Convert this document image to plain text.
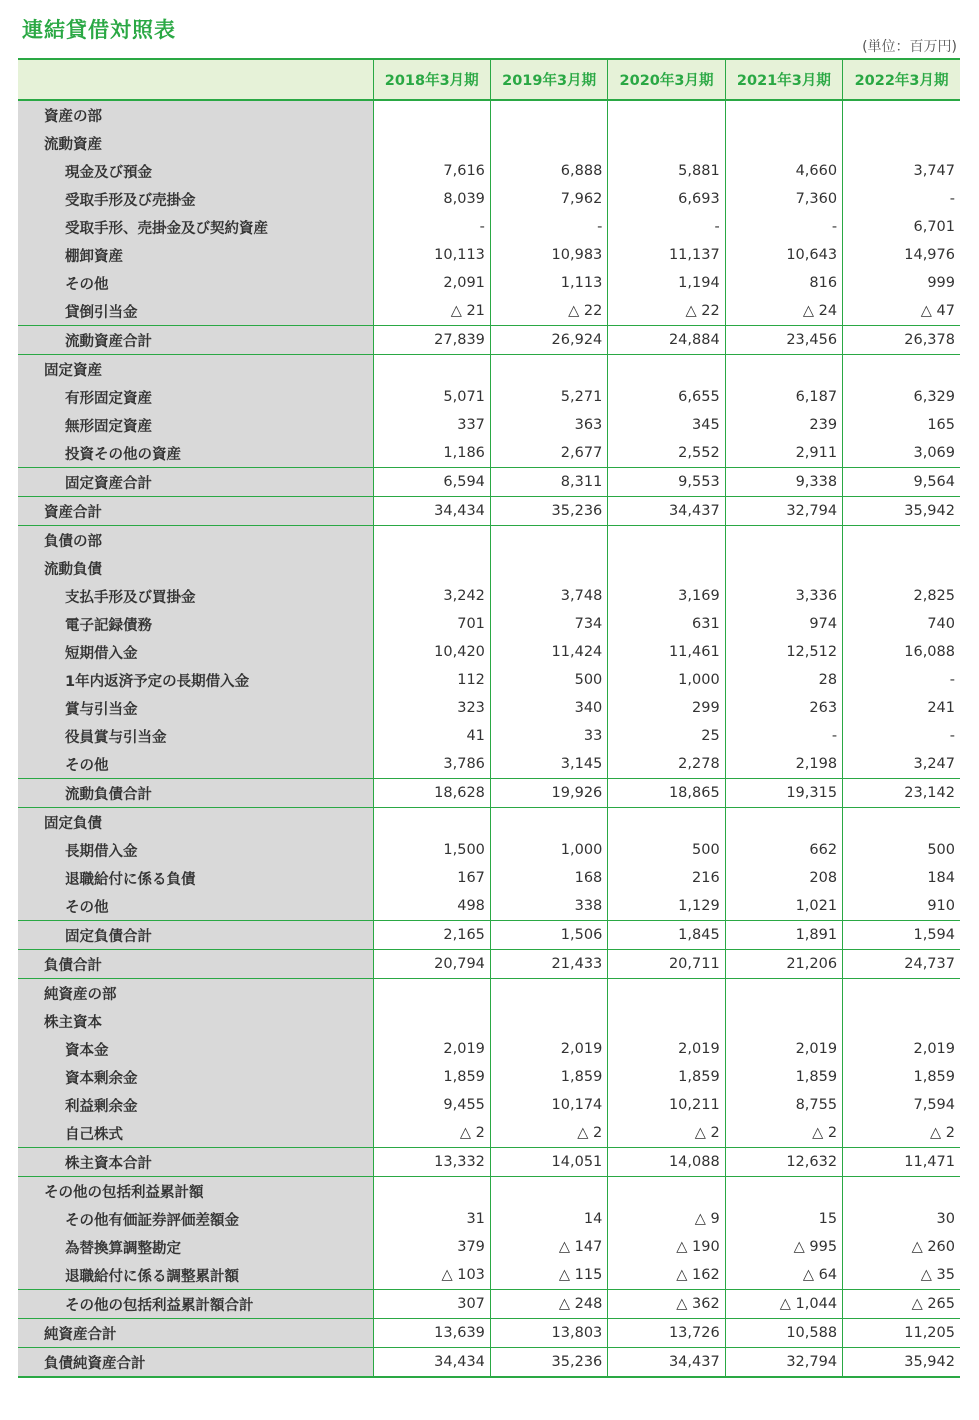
連結貸借対照表
(単位：百万円)
	2018年3月期	2019年3月期	2020年3月期	2021年3月期	2022年3月期
資産の部					
流動資産					
現金及び預金	7,616	6,888	5,881	4,660	3,747
受取手形及び売掛金	8,039	7,962	6,693	7,360	-
受取手形、売掛金及び契約資産	-	-	-	-	6,701
棚卸資産	10,113	10,983	11,137	10,643	14,976
その他	2,091	1,113	1,194	816	999
貸倒引当金	△ 21	△ 22	△ 22	△ 24	△ 47
流動資産合計	27,839	26,924	24,884	23,456	26,378
固定資産					
有形固定資産	5,071	5,271	6,655	6,187	6,329
無形固定資産	337	363	345	239	165
投資その他の資産	1,186	2,677	2,552	2,911	3,069
固定資産合計	6,594	8,311	9,553	9,338	9,564
資産合計	34,434	35,236	34,437	32,794	35,942
負債の部					
流動負債					
支払手形及び買掛金	3,242	3,748	3,169	3,336	2,825
電子記録債務	701	734	631	974	740
短期借入金	10,420	11,424	11,461	12,512	16,088
1年内返済予定の長期借入金	112	500	1,000	28	-
賞与引当金	323	340	299	263	241
役員賞与引当金	41	33	25	-	-
その他	3,786	3,145	2,278	2,198	3,247
流動負債合計	18,628	19,926	18,865	19,315	23,142
固定負債					
長期借入金	1,500	1,000	500	662	500
退職給付に係る負債	167	168	216	208	184
その他	498	338	1,129	1,021	910
固定負債合計	2,165	1,506	1,845	1,891	1,594
負債合計	20,794	21,433	20,711	21,206	24,737
純資産の部					
株主資本					
資本金	2,019	2,019	2,019	2,019	2,019
資本剰余金	1,859	1,859	1,859	1,859	1,859
利益剰余金	9,455	10,174	10,211	8,755	7,594
自己株式	△ 2	△ 2	△ 2	△ 2	△ 2
株主資本合計	13,332	14,051	14,088	12,632	11,471
その他の包括利益累計額					
その他有価証券評価差額金	31	14	△ 9	15	30
為替換算調整勘定	379	△ 147	△ 190	△ 995	△ 260
退職給付に係る調整累計額	△ 103	△ 115	△ 162	△ 64	△ 35
その他の包括利益累計額合計	307	△ 248	△ 362	△ 1,044	△ 265
純資産合計	13,639	13,803	13,726	10,588	11,205
負債純資産合計	34,434	35,236	34,437	32,794	35,942
